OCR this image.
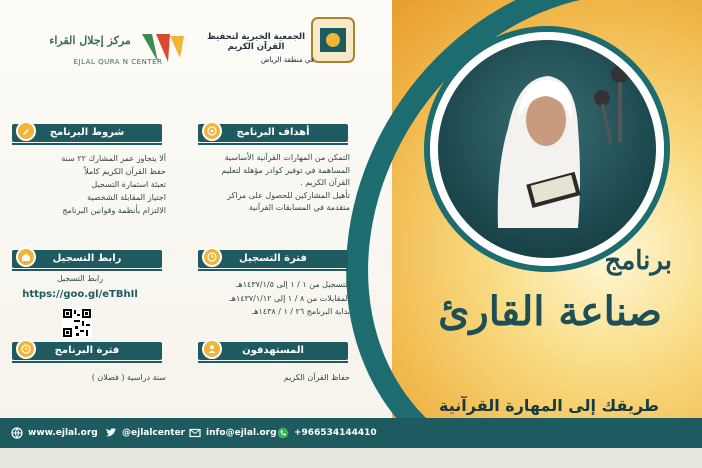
برنامج
صناعة القارئ
طريقك إلى المهارة القرآنية
الجمعية الخيرية لتحفيظ القرآن الكريم
في منطقة الرياض
مركز إجلال القراء
EJLAL QURA N CENTER
أهداف البرنامج
التمكن من المهارات القرآنية الأساسية
المساهمة في توفير كوادر مؤهلة لتعليم
القرآن الكريم .
تأهيل المشاركين للحصول على مراكز
متقدمة في المسابقات القرآنية
شروط البرنامج
ألا يتجاوز عمر المشارك ٢٢ سنة
حفظ القرآن الكريم كاملاً
تعبئة استمارة التسجيل
اجتياز المقابلة الشخصية
الالتزام بأنظمة وقوانين البرنامج
فترة التسجيل
التسجيل من ١ / ١ إلى ١٤٣٧/١/٥هـ
المقابلات من ٨ / ١ إلى ١٤٣٧/١/١٢هـ
بداية البرنامج ٢٦ / ١ / ١٤٣٨هـ
رابط التسجيل
رابط التسجيل
https://goo.gl/eTBhIl
المستهدفون
حفاظ القرآن الكريم
فترة البرنامج
سنة دراسية ( فصلان )
www.ejlal.org	@ejlalcenter info@ejlal.org +966534144410
